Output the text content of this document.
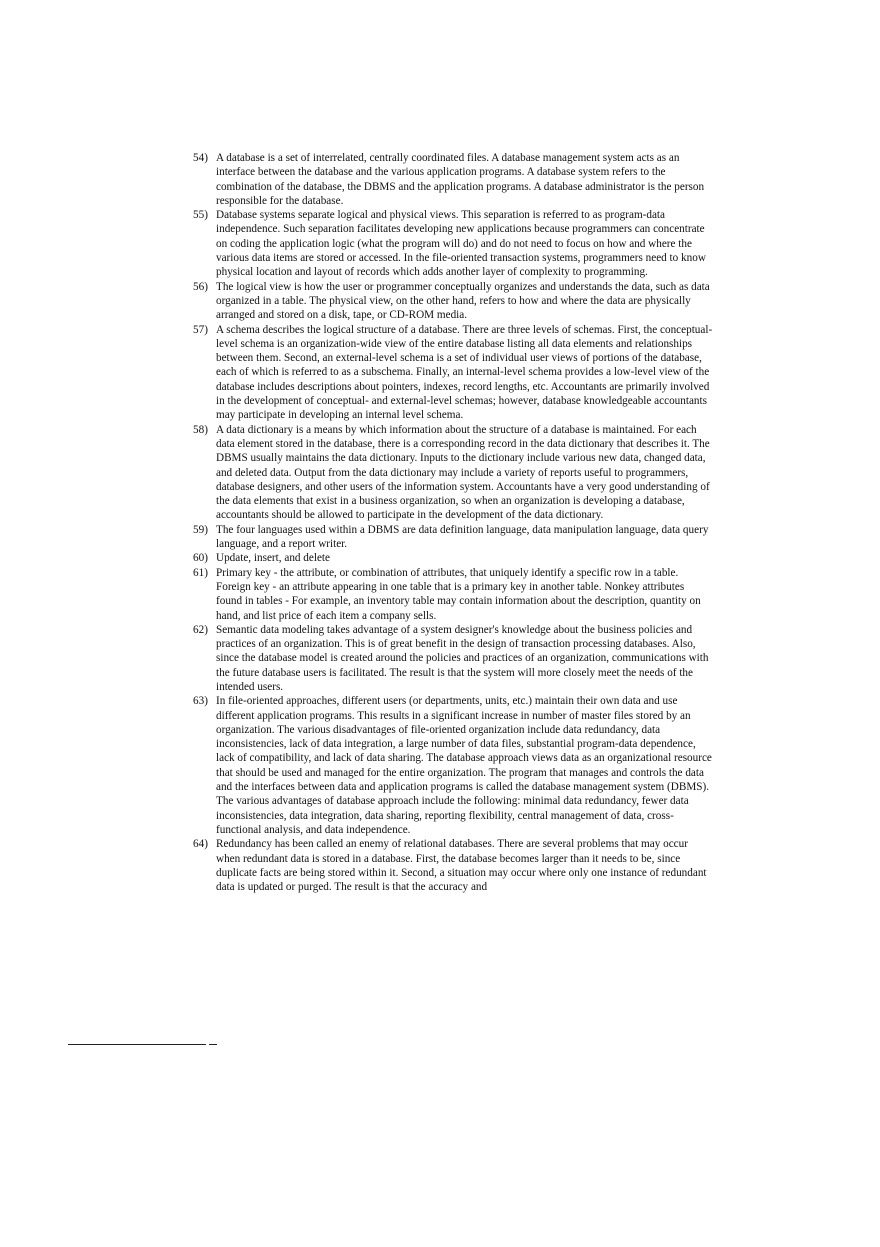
54) A database is a set of interrelated, centrally coordinated files. A database management system acts as an interface between the database and the various application programs. A database system refers to the combination of the database, the DBMS and the application programs. A database administrator is the person responsible for the database.
55) Database systems separate logical and physical views. This separation is referred to as program-data independence. Such separation facilitates developing new applications because programmers can concentrate on coding the application logic (what the program will do) and do not need to focus on how and where the various data items are stored or accessed. In the file-oriented transaction systems, programmers need to know physical location and layout of records which adds another layer of complexity to programming.
56) The logical view is how the user or programmer conceptually organizes and understands the data, such as data organized in a table. The physical view, on the other hand, refers to how and where the data are physically arranged and stored on a disk, tape, or CD-ROM media.
57) A schema describes the logical structure of a database. There are three levels of schemas. First, the conceptual-level schema is an organization-wide view of the entire database listing all data elements and relationships between them. Second, an external-level schema is a set of individual user views of portions of the database, each of which is referred to as a subschema. Finally, an internal-level schema provides a low-level view of the database includes descriptions about pointers, indexes, record lengths, etc. Accountants are primarily involved in the development of conceptual- and external-level schemas; however, database knowledgeable accountants may participate in developing an internal level schema.
58) A data dictionary is a means by which information about the structure of a database is maintained. For each data element stored in the database, there is a corresponding record in the data dictionary that describes it. The DBMS usually maintains the data dictionary. Inputs to the dictionary include various new data, changed data, and deleted data. Output from the data dictionary may include a variety of reports useful to programmers, database designers, and other users of the information system. Accountants have a very good understanding of the data elements that exist in a business organization, so when an organization is developing a database, accountants should be allowed to participate in the development of the data dictionary.
59) The four languages used within a DBMS are data definition language, data manipulation language, data query language, and a report writer.
60) Update, insert, and delete
61) Primary key - the attribute, or combination of attributes, that uniquely identify a specific row in a table. Foreign key - an attribute appearing in one table that is a primary key in another table. Nonkey attributes found in tables - For example, an inventory table may contain information about the description, quantity on hand, and list price of each item a company sells.
62) Semantic data modeling takes advantage of a system designer's knowledge about the business policies and practices of an organization. This is of great benefit in the design of transaction processing databases. Also, since the database model is created around the policies and practices of an organization, communications with the future database users is facilitated. The result is that the system will more closely meet the needs of the intended users.
63) In file-oriented approaches, different users (or departments, units, etc.) maintain their own data and use different application programs. This results in a significant increase in number of master files stored by an organization. The various disadvantages of file-oriented organization include data redundancy, data inconsistencies, lack of data integration, a large number of data files, substantial program-data dependence, lack of compatibility, and lack of data sharing. The database approach views data as an organizational resource that should be used and managed for the entire organization. The program that manages and controls the data and the interfaces between data and application programs is called the database management system (DBMS). The various advantages of database approach include the following: minimal data redundancy, fewer data inconsistencies, data integration, data sharing, reporting flexibility, central management of data, cross-functional analysis, and data independence.
64) Redundancy has been called an enemy of relational databases. There are several problems that may occur when redundant data is stored in a database. First, the database becomes larger than it needs to be, since duplicate facts are being stored within it. Second, a situation may occur where only one instance of redundant data is updated or purged. The result is that the accuracy and
